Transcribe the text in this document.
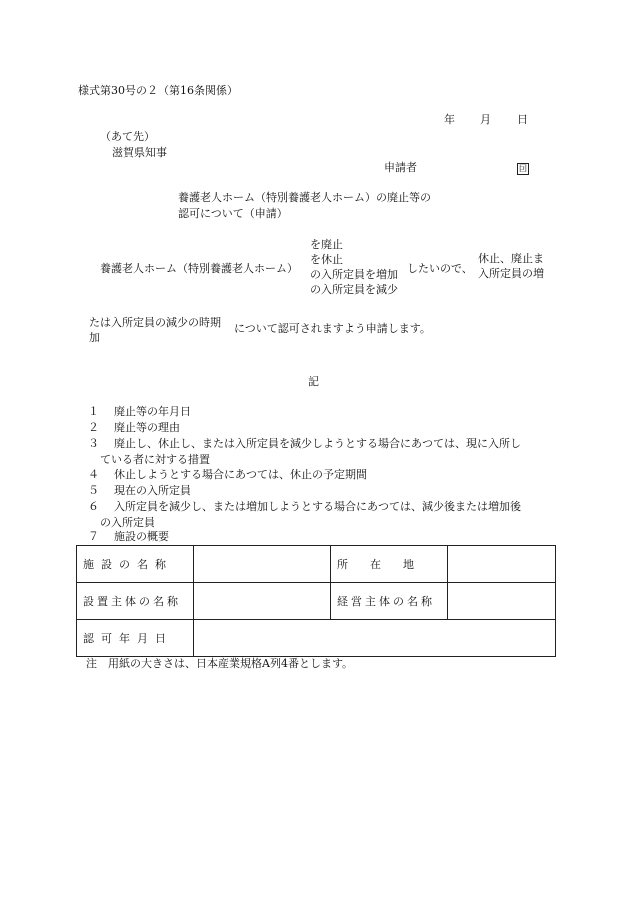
様式第30号の２（第16条関係）
年 月 日
（あて先）
滋賀県知事
申請者	囙
養護老人ホーム（特別養護老人ホーム）の廃止等の
認可について（申請）
養護老人ホーム（特別養護老人ホーム）
を廃止
を休止
の入所定員を増加
の入所定員を減少
したいので、
休止、廃止ま
入所定員の増
たは入所定員の減少の時期
加
について認可されますよう申請します。
記
１ 廃止等の年月日
２ 廃止等の理由
３ 廃止し、休止し、または入所定員を減少しようとする場合にあつては、現に入所し
ている者に対する措置
４ 休止しようとする場合にあつては、休止の予定期間
５ 現在の入所定員
６ 入所定員を減少し、または増加しようとする場合にあつては、減少後または増加後
の入所定員
７ 施設の概要
施設の名称		所　　在　　地	
設置主体の名称		経営主体の名称	
認可年月日			
注　用紙の大きさは、日本産業規格A列4番とします。
